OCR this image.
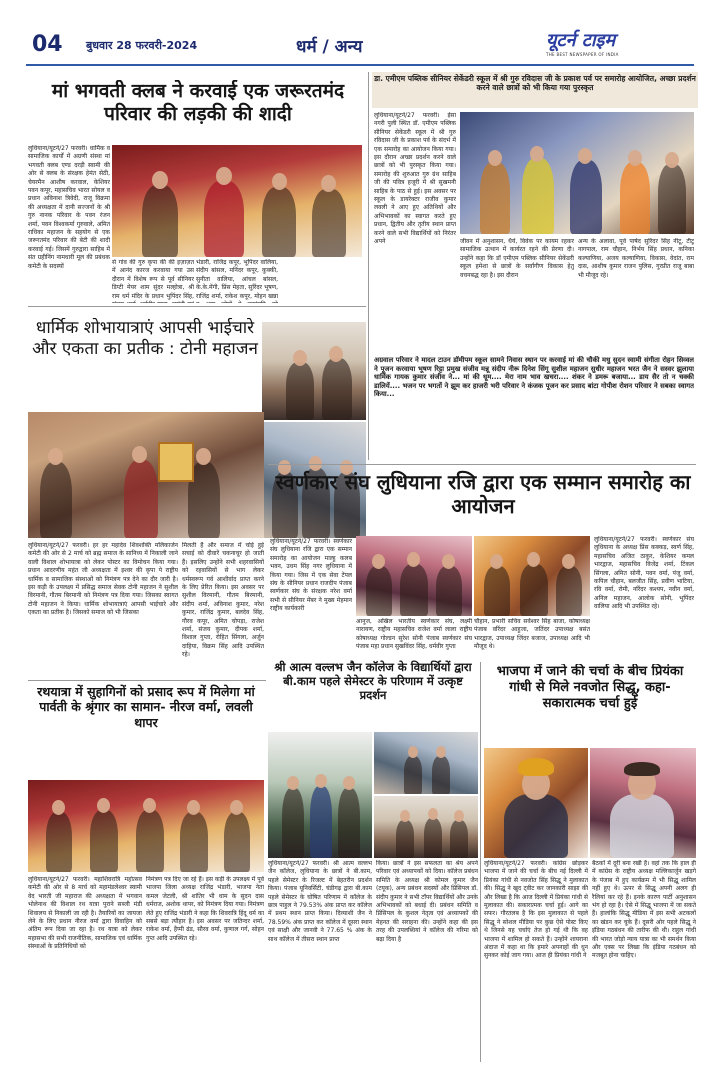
04 बुधवार 28 फरवरी-2024	धर्म / अन्य	यूटर्न टाइम
THE BEST NEWSPAPER OF INDIA
मां भगवती क्लब ने करवाई एक जरूरतमंद परिवार की लड़की की शादी
लुधियाना/यूटर्न/27 फरवरी। धार्मिक व सामाजिक कार्यों में अग्रणी संस्था मां भगवती क्लब एण्ड दरड़ी स्वामी की ओर से क्लब के संरक्षक हेमंत सेठी, चेयरमैन आशीष करवाल, केशियर पवन कपूर, महासचिव भारत सोयल व प्रधान अविनाश त्रिवेदी, राजू विक्रमा की अध्यक्षता में दानी सज्जनों के श्री गुरु नानक परिवार के पवन रंजन शर्मा, पवन विश्वकर्मा गुरुवाले, अमित राधिका महाजन के सहयोग से एक जरूरतमंद परिवार की बेटी की शादी करवाई गई। जिसमें गुरुद्वारा साहिब में संत ग्रहीनिंग नामधारी मूल की प्रबंधक कमेटी के सदस्यों
से गांव की गुरु कृपा की की इज़ाज़त में आनंद कारज करवाया गया उस दौरान में विशेष रूप से पूर्व सीनियर डिप्टी मेयर शाम सुंदर मल्होत्रा, श्री राम धर्म मंदिर के प्रधान भुपिंदर सिंह,
भंडारी, राजिंद्र कपूर, भूपिंदर वालिया, संदीप बांसल, मनिंदर कपूर, कुक्की, सुनीता वालिया, आंचल बांसल, के.के.मेंगी, प्रिंस मेहता, सुरिंदर भूषण, राजिंद्र शर्मा, राकेश कपूर, मोहन खन्ना
डा. एमीएम पब्लिक सीनियर सेकेंडरी स्कूल में श्री गुरु रविदास जी के प्रकाश पर्व पर समारोह आयोजित, अच्छा प्रदर्शन करने वाले छात्रों को भी किया गया पुरस्कृत
लुधियाना/यूटर्न/27 फरवरी। ईसा नगरी पुली स्थित डॉ. एमीएम पब्लिक सीनियर सेकेंडरी स्कूल में श्री गुरु रविदास जी के प्रकाश पर्व के संदर्भ में एक समारोह का आयोजन किया गया। इस दौरान अच्छा प्रदर्शन करने वाले छात्रों को भी पुरस्कृत किया गया। समारोह की शुरुआत गुरु ग्रंथ साहिब जी की पवित्र हजूरी में श्री सुखमनी साहिब के पाठ से हुई। इस अवसर पर स्कूल के डायरेक्टर राजीव कुमार लवली ने आए हुए अतिथियों और अभिभावकों का स्वागत करते हुए प्रधान, द्वितीय और तृतीय स्थान प्राप्त करने वाले सभी विद्यार्थियों को निरंतर अपने	जीवन में अनुशासन, धैर्य, विवेक पर कायम रहकर सामाजिक उत्थान में कार्यरत रहने की प्रेरणा दी। उन्होंने कहा कि डॉ एमीएम पब्लिक सीनियर सेकेंडरी स्कूल हमेशा से छात्रों के सर्वांगीण विकास हेतु वचनबद्ध रहा है। इस दौरान
अन्य के अलावा, पूर्व पार्षद सुरिंदर सिंह नीटू, टीटू नागपाल, राम चौहान, निर्भय सिंह प्रधान, कनिका कल्याणिया, अजय कल्याणिया, विकास, वेदांत, राम दास, आशीष कुमार राजन पुलिस, गुरप्रीत राजू बाबा भी मौजूद रहे।
अग्रवाल परिवार ने मादल टाउन डॉमीपम स्कूल सामने निवास स्थान पर करवाई मां की चौकी मधु सुदन स्वामी संगीता रोहन सिव्वल ने पूजन करवाया भूषण रिट्टा प्रमुख संजीव मन्नू संदीप नीरू दिनेश सिंगू सुशील महाजन सुधीर महाजन भरत जैन ने सस्वर झुलाया धार्मिक गायक कुमार संजीव ने... मां की धूम.... मेरा नाम भाव खचरा.... शंकर ने डमरू बजाया... डाय सैर तो न चक्की डालियें.... भजन पर भगतों ने झूम कर हाजरी भरी परिवार ने कंजक पूजन कर प्रसाद बांटा गोपीश रोशन परिवार ने सबका स्वागत किया...
धार्मिक शोभायात्राएं आपसी भाईचारे और एकता का प्रतीक : टोनी महाजन
लुधियाना/यूटर्न/27 फरवरी। हर हर महादेव शिवशक्ति मलिकार्जन कमेटी की ओर से 2 मार्च को ब्रह्म समाज के सानिध्य में निकाली जाने वाली विशाल शोभायात्रा को लेकर पोस्टर का विमोचन किया गया। प्रधान आदरणीय महंत जी अध्यक्षता में इश्वर की कृपा पे राष्ट्रीय धार्मिक व सामाजिक संस्थाओं को निमंत्रण पत्र देने का दौर जारी है। इस कड़ी के उपलक्ष्य में प्रसिद्ध समाज सेवक टोनी महाजन ने सुशील विरमानी, गौतम बिरमानी को निमंत्रण पत्र दिया गया। जिसका स्वागत टोनी महाजन ने किया। धार्मिक शोभायात्राएं आपसी भाईचारे और एकता का प्रतीक है। जिसको समाज को भी जिसका
मिलती हैं और समाज में चोई हुई सचाई को दीवारें चकनाचूर हो जाती हैं। इसलिए उन्होंने सभी शहरवासियों को रहवासियों से भाग लेकर धर्मस्वरूप गर्व आशीर्वाद प्राप्त करने के लिए प्रेरित किया। इस अवसर पर सुशील विरमानी, गौतम बिरमानी, संदीप शर्मा, अविनाश कुमार, नरेश कुमार, राजिंद्र कुमार, बलदेव सिंह, गौरव कपूर, अमित चोपड़ा, राजेश शर्मा, संजय कुमार, दीपक शर्मा, विशाल गुप्ता, रोहित सिंगला, अर्जुन दाहिया, विक्रम सिंह आदि उपस्थित रहे।
स्वर्णकार संघ लुधियाना रजि द्वारा एक सम्मान समारोह का आयोजन
लुधियाना/यूटर्न/27 फरवरी। स्वर्णकार संघ लुधियाना रजि द्वारा एक सम्मान समारोह का आयोजन माल्हु कलब भवन, उधम सिंह नगर लुधियाना में किया गया। जिस में एक सेवा टेंपल संघ के सीनियर प्रधान राजदीप पंजाब स्वर्णकार संघ के संरक्षक नरेश वर्मा सभी से सीनियर मेंबर ने मुख्य मेहमान राष्ट्रीय कार्यकारी
लुधियाना/यूटर्न/27 फरवरी। स्वर्णकार संघ लुधियाना के अध्यक्ष प्रिंस कक्कड़, स्वर्ण सिंह, महासचिव अजित ठाकुर, केशियर कमल भारद्वाज, महासचिव विजेंद्र शर्मा, टिंकल सिंगला, अमित सोनी, पवन वर्मा, पंजू वर्मा, कपिल चौहान, बलजीत सिंह, प्रवीण भाटिया, रवि वर्मा, रोमी, नरिंदर कश्यप, नवीन वर्मा, अनिल महाजन, आलोक सोनी, भूपिंदर वालिया आदि भी उपस्थित रहे।
आनुज, अखिल भारतीय स्वर्णकार संघ, लक्ष्मी नारायण, राष्ट्रीय महासचिव राजेश वर्मा लाला राष्ट्रीय कोषाध्यक्ष गोल्डन सुरेश सोनी पंजाब स्वर्णकार संघ पंजाब महा प्रधान सुखविंदर सिंह, धर्मवीर गुप्ता
चौहान, प्रभारी सचिव सर्वेश्वर सिंह बाजा, कोषाध्यक्ष पंजाब वरिंदर आहुजा, जतिंदर उपाध्यक्ष बसंत भारद्वाज, उपाध्यक्ष जिंदर बजाज, उपाध्यक्ष आदि भी मौजूद थे।
श्री आत्म वल्लभ जैन कॉलेज के विद्यार्थियों द्वारा बी.काम पहले सेमेस्टर के परिणाम में उत्कृष्ट प्रदर्शन
लुधियाना/यूटर्न/27 फरवरी। श्री आत्म वल्लभ जैन कॉलेज, लुधियाना के छात्रों ने बी.काम, पहले सेमेस्टर के रिजल्ट में बेहतरीन प्रदर्शन किया। पंजाब यूनिवर्सिटी, चंडीगढ़ द्वारा बी.काम पहले सेमेस्टर के घोषित परिणाम में कॉलेज के छात्र पाहुल ने 79.53% अंक प्राप्त कर कॉलेज में प्रथम स्थान प्राप्त किया। दिव्याशी जैन ने 78.59% अंक प्राप्त कर कॉलेज में दूसरा स्थान एवं साक्षी और जानवी ने 77.65 % अंक के साथ कॉलेज में तीसरा स्थान प्राप्त
किया। छात्रों ने इस सफलता का श्रेय अपने परिवार एवं अध्यापकों को दिया। कॉलेज प्रबंधन समिति के अध्यक्ष श्री कोमल कुमार जैन (टयूक), अन्य प्रबंधन सदस्यों और प्रिंसिपल डॉ. संदीप कुमार ने सभी टॉपर विद्यार्थियों और उनके अभिभावकों को बधाई दी। प्रबंधन समिति व प्रिंसिपल के कुशल नेतृत्व एवं अध्यापकों की मेहनत की सराहना की। उन्होंने कहा की इस तरह की उपलब्धियां ने कॉलेज की गरिमा को बढ़ा दिया है
रथयात्रा में सुहागिनों को प्रसाद रूप में मिलेगा मां पार्वती के श्रृंगार का सामान- नीरज वर्मा, लवली थापर
लुधियाना/यूटर्न/27 फरवरी। महाशिवरात्रि महोत्सव कमेटी की ओर से 8 मार्च को महामंडलेश्वर स्वामी वेद भारती जी महाराज की अध्यक्षता में भगवान भोलेनाथ की विशाल रथ यात्रा पुराने सब्जी मंडी शिवालय से निकाली जा रही है। तैयारियों का जायजा लेने के लिए प्रधान नीरज वर्मा द्वारा विवाहिन को अंतिम रूप दिया जा रहा है। रथ यात्रा को लेकर महासभा की सभी राजनीतिक, सामाजिक एवं धार्मिक संस्थाओं के प्रतिनिधियों को
निमंत्रण पत्र दिए जा रहे हैं। इस कड़ी के उपलक्ष्य में पूर्व भाजपा जिला अध्यक्ष राजिंद्र भंडारी, भाजपा नेता कमल जेटली, श्री शांतिर भी धाम के सुदन दास धर्मराज, अशोक थापर, को निमंत्रण दिया गया। निमंत्रण लेते हुए राजिंद्र भंडारी ने कहा कि शिवरात्रि हिंदू धर्म का सबसे बड़ा त्यौहार है। इस अवसर पर जतिन्दर शर्मा, राकेश वर्मा, हैप्पी ढंड, सौरव वर्मा, कुणाल गर्ग, सोहन गुप्त आदि उपस्थित रहे।
भाजपा में जाने की चर्चा के बीच प्रियंका गांधी से मिले नवजोत सिद्धू, कहा- सकारात्मक चर्चा हुई
लुधियाना/यूटर्न/27 फरवरी। कांग्रेस छोड़कर भाजपा में जाने की चर्चा के बीच नई दिल्ली में प्रियंका गांधी से नवजोत सिंह सिद्धू ने मुलाकात की। सिद्धू ने खुद ट्वीट कर जानकारी साझा की और लिखा है कि आज दिल्ली में प्रियंका गांधी से मुलाकात की। सकारात्मक चर्चा हुई। आगे का सफर। गौरतलब है कि इस मुलाकात से पहले सिद्धू ने सोशल मीडिया पर कुछ ऐसे पोस्ट किए थे जिनसे यह चर्चाएं तेज हो गई थी कि वह भाजपा में शामिल हो सकते हैं। उन्होंने शायराना अंदाज में कहा था कि हमारे अपनाहों की धुन सुनकर कोई जाग गया। आज ही प्रियंका गांधी ने
बैठकों में दूरी बना रखी है। वहां तक कि हाल ही में कांग्रेस के राष्ट्रीय अध्यक्ष मल्लिकार्जुन खड़गे के पंजाब में हुए कार्यक्रम में भी सिद्धू शामिल नहीं हुए थे। ऊपर से सिद्धू अपनी अलग ही रैलियां कर रहे हैं। इनके कारण पार्टी अनुशासन भंग हो रहा है। ऐसे में सिद्धू भाजपा में जा सकते हैं। हालांकि सिद्धू मीडिया में इस सभी अटकलों का खंडन कर चुके हैं। दूसरी ओर पहले सिद्धू ने इंडिया गठबंधन की तारीफ की थी। राहुल गांधी की भारत जोड़ो न्याय यात्रा का भी समर्थन किया और एक्स पर लिखा कि इंडिया गठबंधन को मजबूत होना चाहिए।
